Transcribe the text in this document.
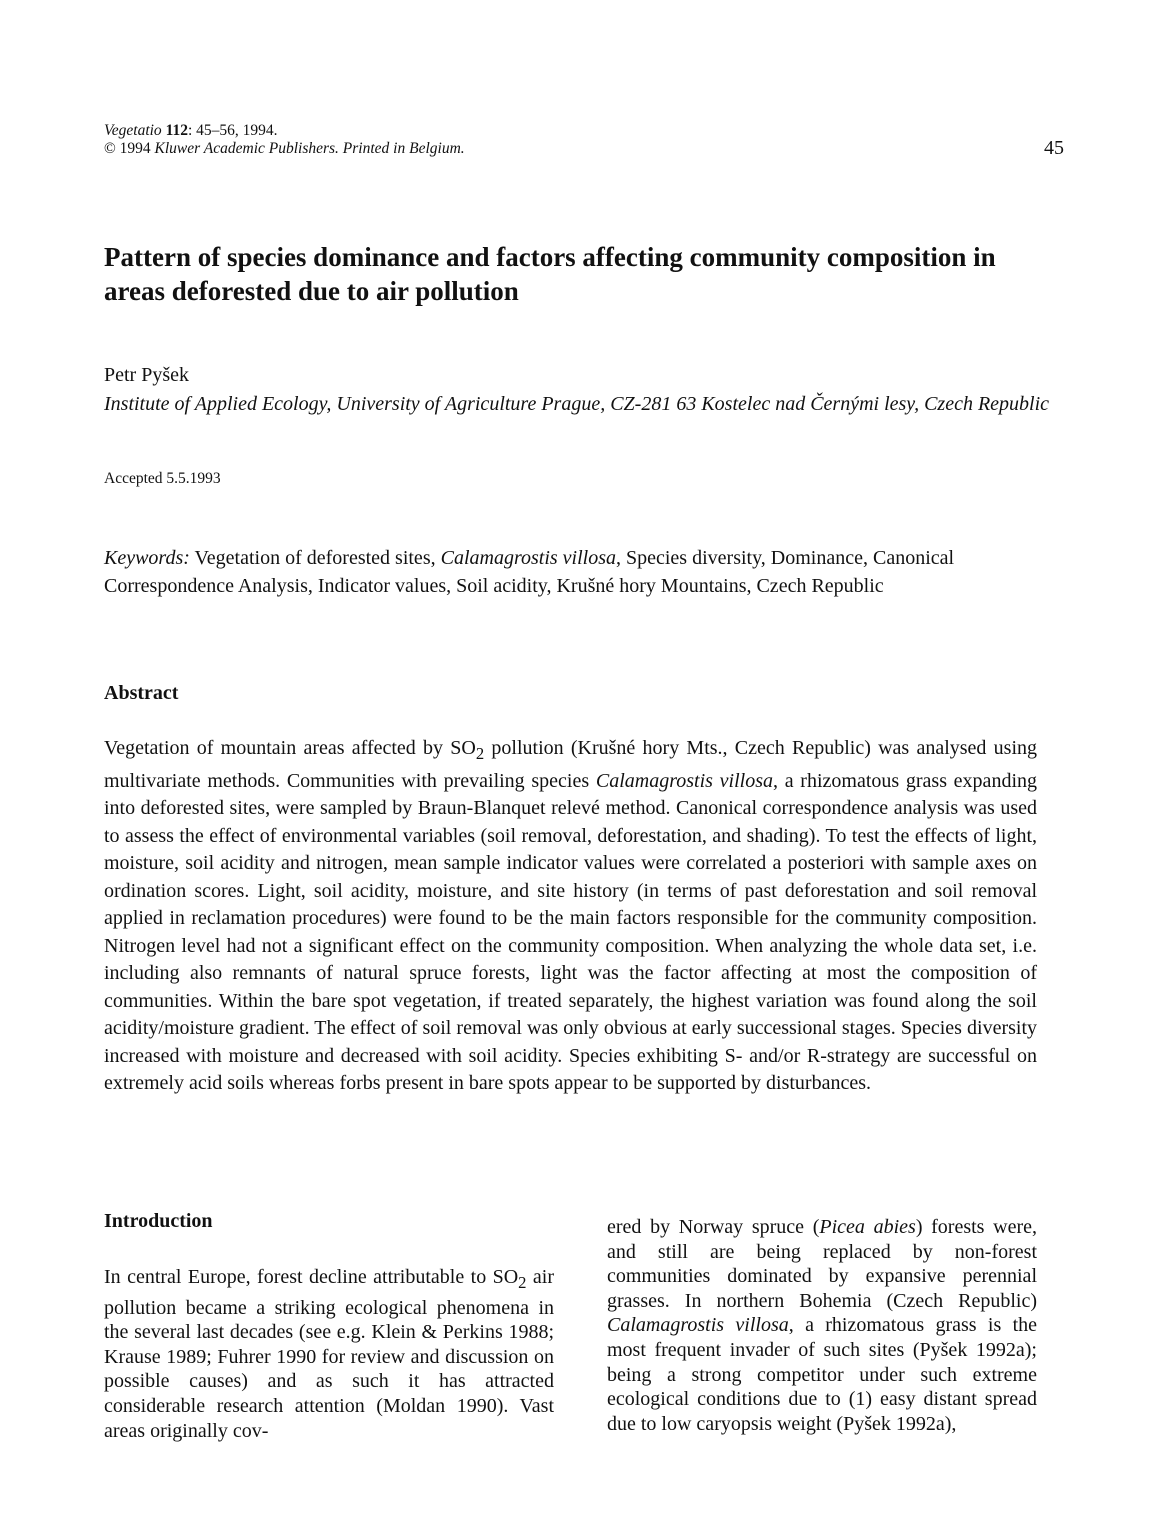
Vegetatio 112: 45–56, 1994.
© 1994 Kluwer Academic Publishers. Printed in Belgium.	45
Pattern of species dominance and factors affecting community composition in areas deforested due to air pollution
Petr Pyšek
Institute of Applied Ecology, University of Agriculture Prague, CZ-281 63 Kostelec nad Černými lesy, Czech Republic
Accepted 5.5.1993
Keywords: Vegetation of deforested sites, Calamagrostis villosa, Species diversity, Dominance, Canonical Correspondence Analysis, Indicator values, Soil acidity, Krušné hory Mountains, Czech Republic
Abstract

Vegetation of mountain areas affected by $SO_2$ pollution (Krušné hory Mts., Czech Republic) was analysed using multivariate methods. Communities with prevailing species Calamagrostis villosa, a rhizomatous grass expanding into deforested sites, were sampled by Braun-Blanquet relevé method. Canonical correspondence analysis was used to assess the effect of environmental variables (soil removal, deforestation, and shading). To test the effects of light, moisture, soil acidity and nitrogen, mean sample indicator values were correlated a posteriori with sample axes on ordination scores. Light, soil acidity, moisture, and site history (in terms of past deforestation and soil removal applied in reclamation procedures) were found to be the main factors responsible for the community composition. Nitrogen level had not a significant effect on the community composition. When analyzing the whole data set, i.e. including also remnants of natural spruce forests, light was the factor affecting at most the composition of communities. Within the bare spot vegetation, if treated separately, the highest variation was found along the soil acidity/moisture gradient. The effect of soil removal was only obvious at early successional stages. Species diversity increased with moisture and decreased with soil acidity. Species exhibiting S- and/or R-strategy are successful on extremely acid soils whereas forbs present in bare spots appear to be supported by disturbances.

Introduction

In central Europe, forest decline attributable to $SO_2$ air pollution became a striking ecological phenomena in the several last decades (see e.g. Klein & Perkins 1988; Krause 1989; Fuhrer 1990 for review and discussion on possible causes) and as such it has attracted considerable research attention (Moldan 1990). Vast areas originally cov-

ered by Norway spruce (Picea abies) forests were, and still are being replaced by non-forest communities dominated by expansive perennial grasses. In northern Bohemia (Czech Republic) Calamagrostis villosa, a rhizomatous grass is the most frequent invader of such sites (Pyšek 1992a); being a strong competitor under such extreme ecological conditions due to (1) easy distant spread due to low caryopsis weight (Pyšek 1992a),
